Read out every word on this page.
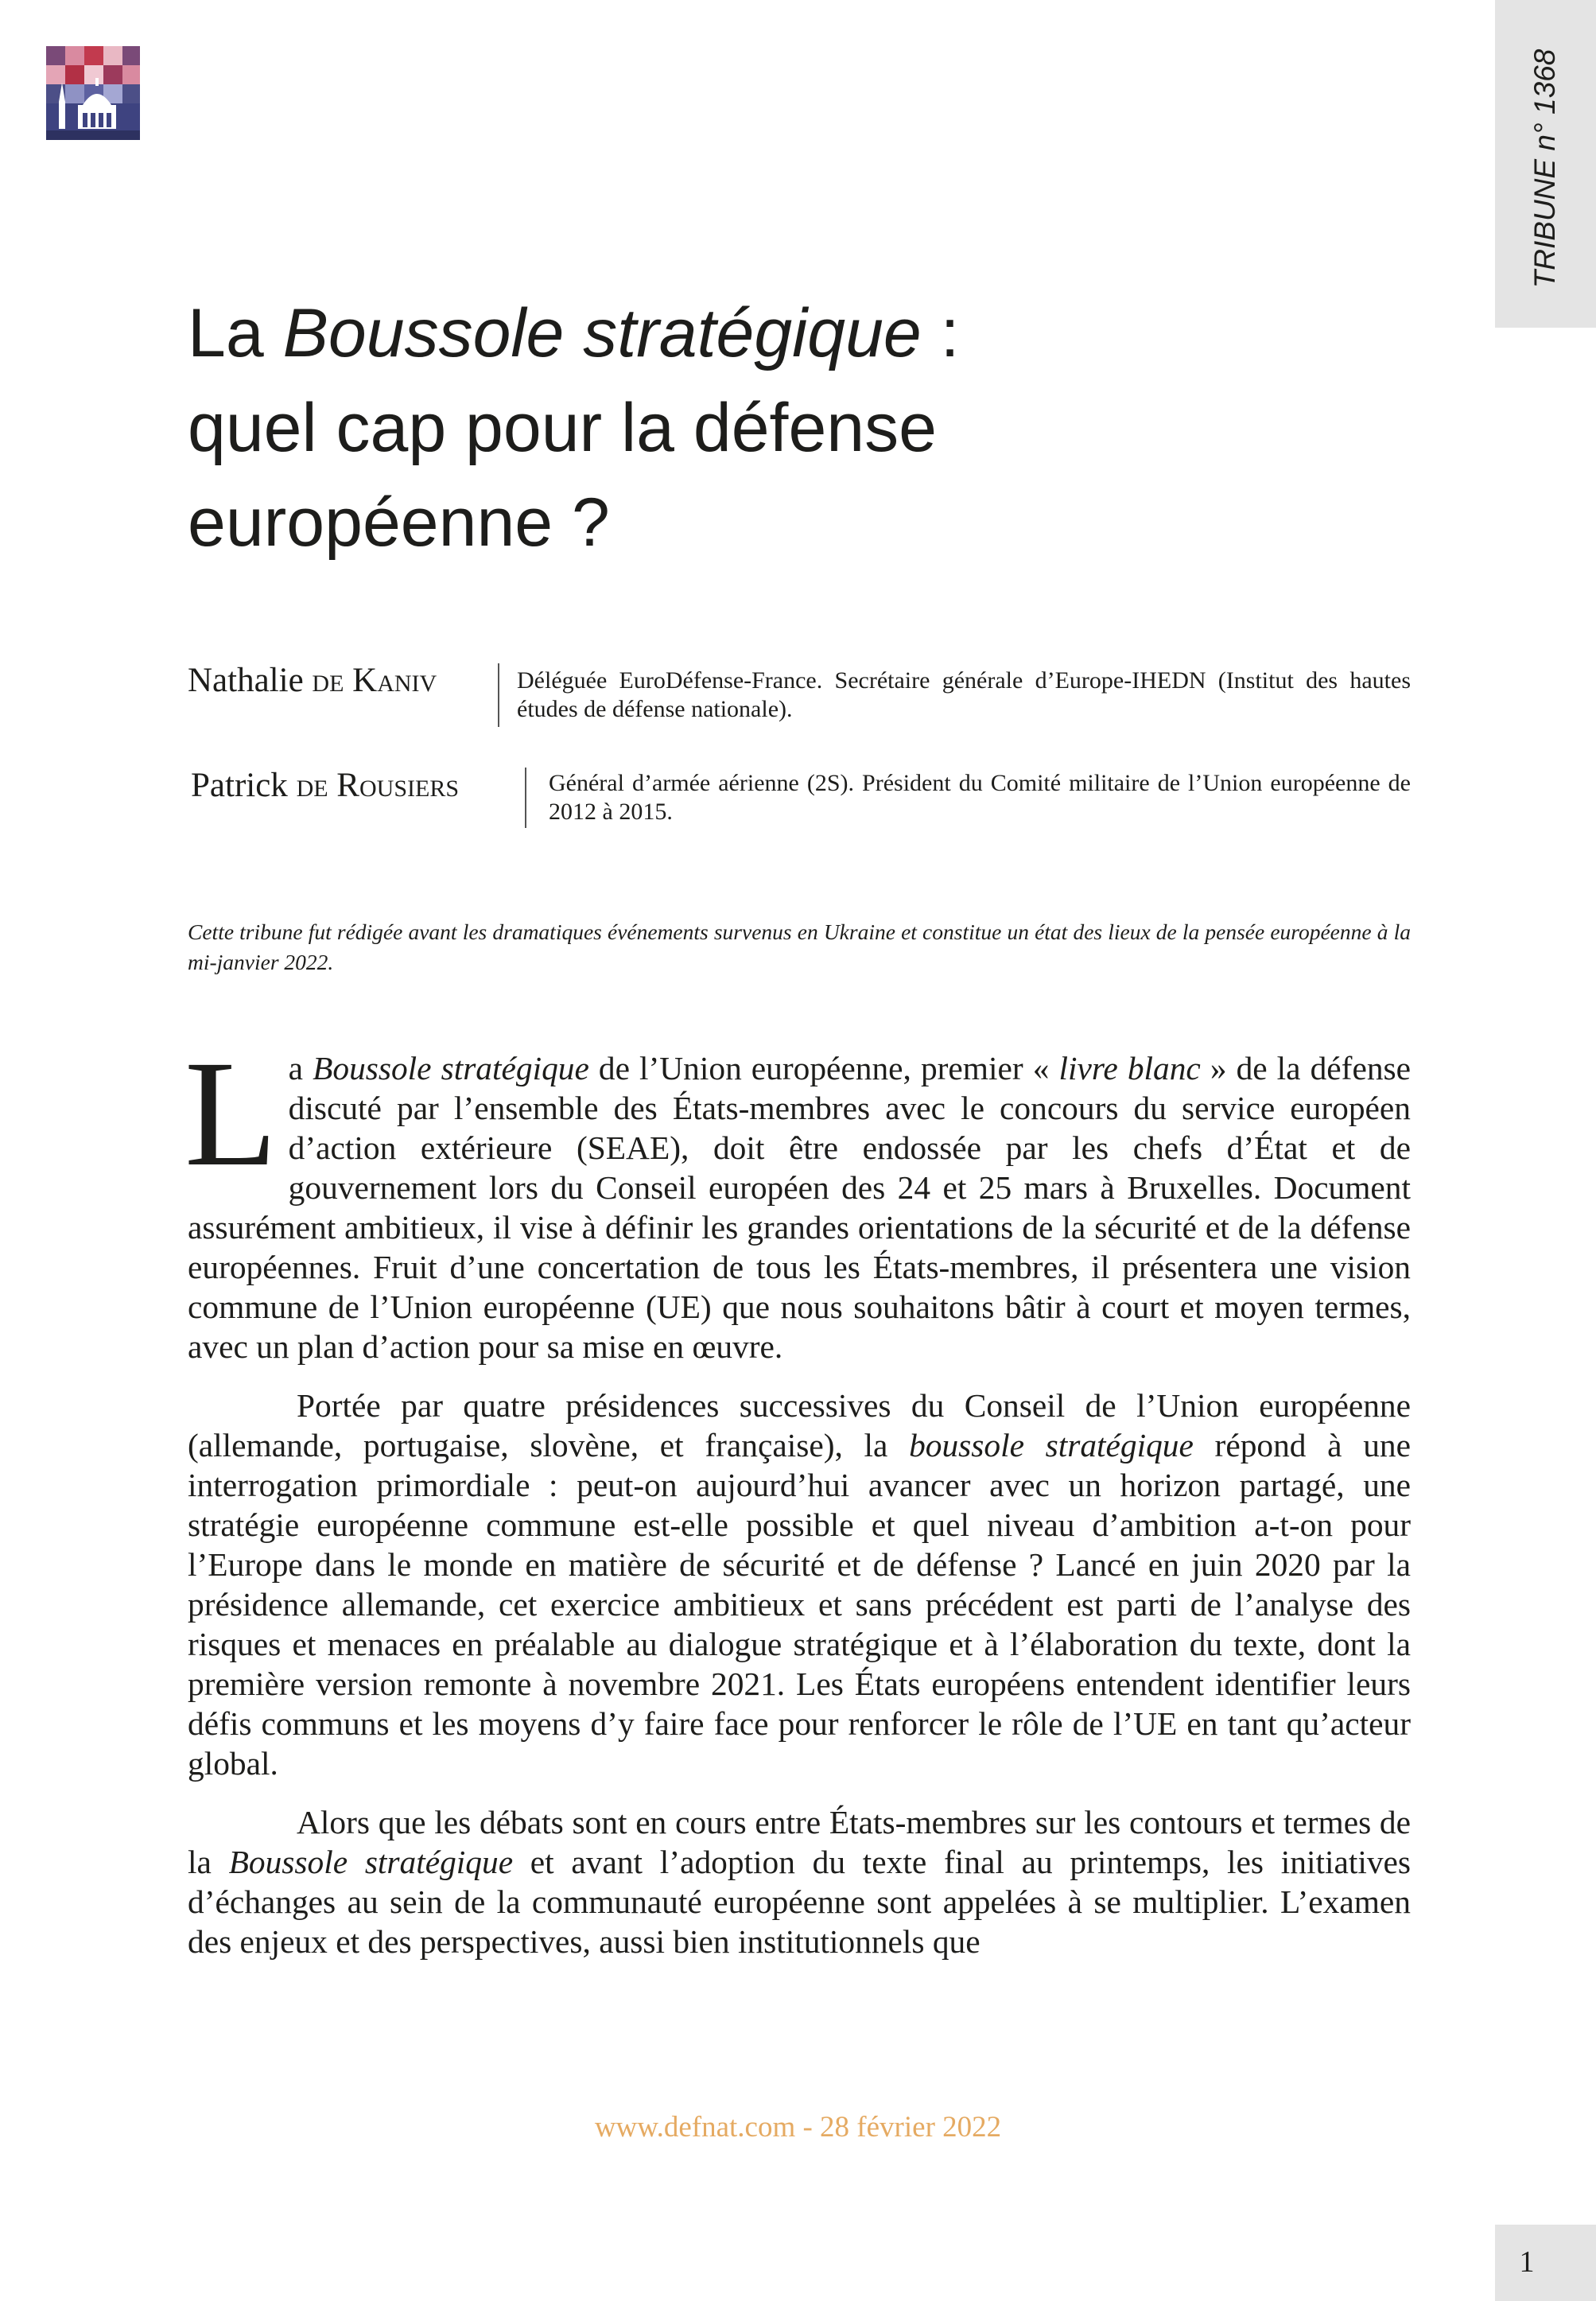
TRIBUNE n° 1368
La Boussole stratégique :
quel cap pour la défense
européenne ?
Nathalie de Kaniv	Déléguée EuroDéfense-France. Secrétaire générale d’Europe-IHEDN (Institut des hautes études de défense nationale).
Patrick de Rousiers	Général d’armée aérienne (2S). Président du Comité militaire de l’Union européenne de 2012 à 2015.

Cette tribune fut rédigée avant les dramatiques événements survenus en Ukraine et constitue un état des lieux de la pensée européenne à la mi-janvier 2022.

La Boussole stratégique de l’Union européenne, premier « livre blanc » de la défense discuté par l’ensemble des États-membres avec le concours du service européen d’action extérieure (SEAE), doit être endossée par les chefs d’État et de gouvernement lors du Conseil européen des 24 et 25 mars à Bruxelles. Document assurément ambitieux, il vise à définir les grandes orientations de la sécurité et de la défense européennes. Fruit d’une concertation de tous les États-membres, il présentera une vision commune de l’Union européenne (UE) que nous souhaitons bâtir à court et moyen termes, avec un plan d’action pour sa mise en œuvre.

Portée par quatre présidences successives du Conseil de l’Union européenne (allemande, portugaise, slovène, et française), la boussole stratégique répond à une interrogation primordiale : peut-on aujourd’hui avancer avec un horizon partagé, une stratégie européenne commune est-elle possible et quel niveau d’ambition a-t-on pour l’Europe dans le monde en matière de sécurité et de défense ? Lancé en juin 2020 par la présidence allemande, cet exercice ambitieux et sans précédent est parti de l’analyse des risques et menaces en préalable au dialogue stratégique et à l’élaboration du texte, dont la première version remonte à novembre 2021. Les États européens entendent identifier leurs défis communs et les moyens d’y faire face pour renforcer le rôle de l’UE en tant qu’acteur global.

Alors que les débats sont en cours entre États-membres sur les contours et termes de la Boussole stratégique et avant l’adoption du texte final au printemps, les initiatives d’échanges au sein de la communauté européenne sont appelées à se multiplier. L’examen des enjeux et des perspectives, aussi bien institutionnels que

www.defnat.com - 28 février 2022
1
